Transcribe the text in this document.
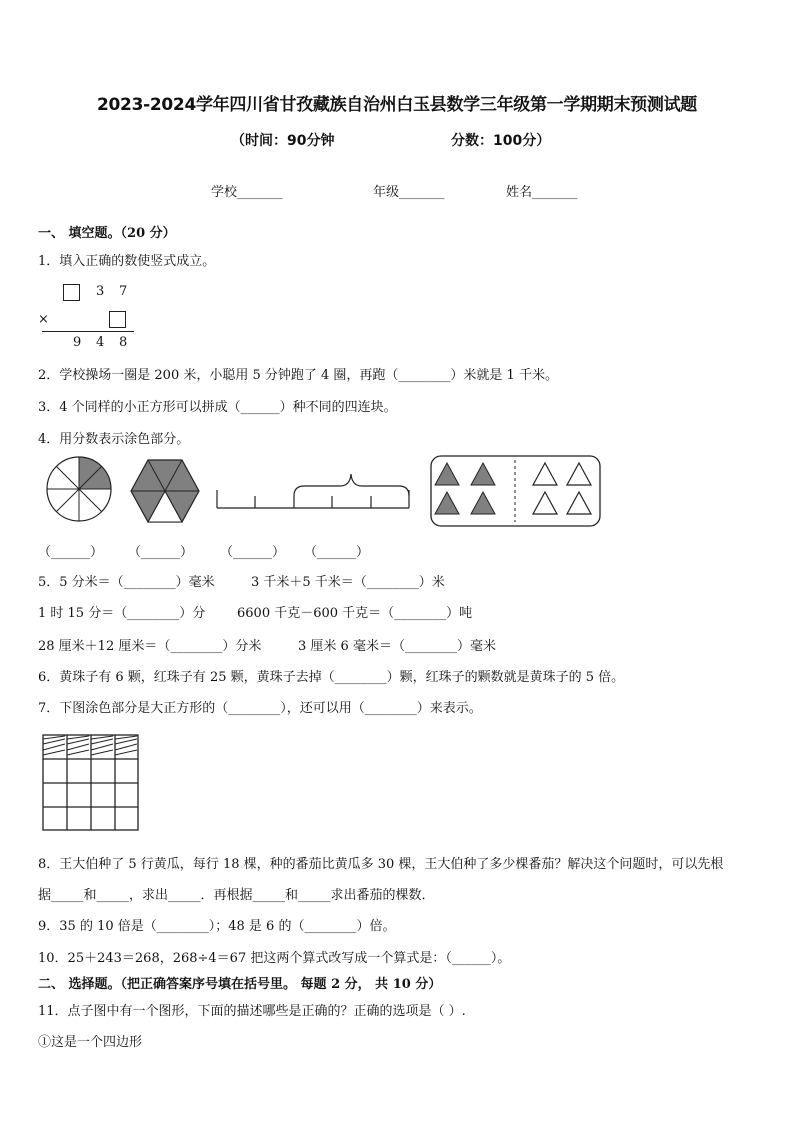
2023-2024学年四川省甘孜藏族自治州白玉县数学三年级第一学期期末预测试题
（时间：90分钟	分数：100分）
学校_______	年级_______	姓名_______
一、 填空题。（20 分）
1．填入正确的数使竖式成立。
3 7
×
9 4 8
2．学校操场一圈是 200 米，小聪用 5 分钟跑了 4 圈，再跑（________）米就是 1 千米。
3．4 个同样的小正方形可以拼成（______）种不同的四连块。
4．用分数表示涂色部分。
（______） （______） （______） （______）
5．5 分米＝（________）毫米	3 千米＋5 千米＝（________）米
1 时 15 分＝（________）分 6600 千克－600 千克＝（________）吨
28 厘米＋12 厘米＝（________）分米	3 厘米 6 毫米＝（________）毫米
6．黄珠子有 6 颗，红珠子有 25 颗，黄珠子去掉（________）颗，红珠子的颗数就是黄珠子的 5 倍。
7．下图涂色部分是大正方形的（________），还可以用（________）来表示。
8．王大伯种了 5 行黄瓜，每行 18 棵，种的番茄比黄瓜多 30 棵，王大伯种了多少棵番茄？解决这个问题时，可以先根
据_____和_____，求出_____．再根据_____和_____求出番茄的棵数．
9．35 的 10 倍是（________）；48 是 6 的（________）倍。
10．25＋243＝268，268÷4＝67 把这两个算式改写成一个算式是：（______）。
二、 选择题。（把正确答案序号填在括号里。 每题 2 分， 共 10 分）
11．点子图中有一个图形，下面的描述哪些是正确的？正确的选项是（ ）.
①这是一个四边形
